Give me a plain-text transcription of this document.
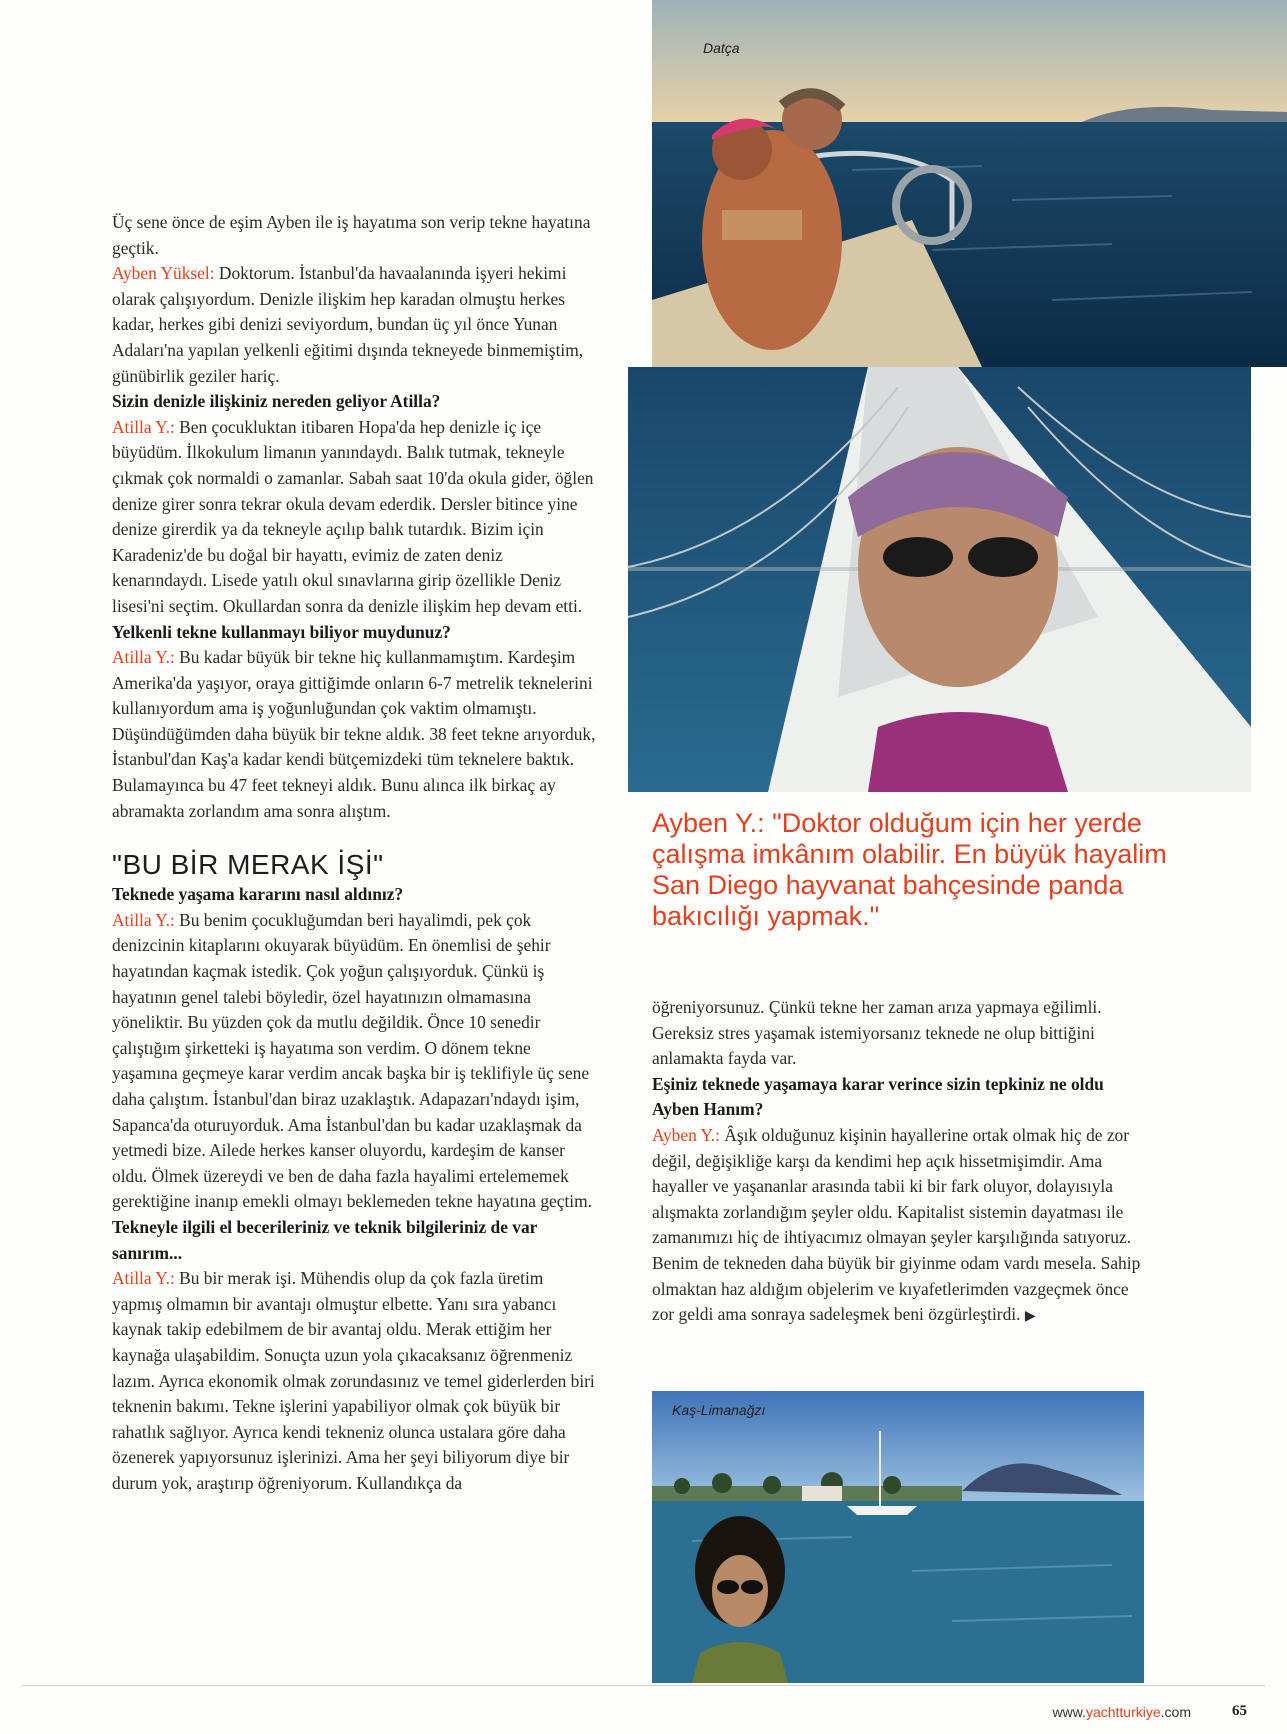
Datça
Ayben Y.: "Doktor olduğum için her yerde çalışma imkânım olabilir. En büyük hayalim San Diego hayvanat bahçesinde panda bakıcılığı yapmak."

Üç sene önce de eşim Ayben ile iş hayatıma son verip tekne hayatına geçtik.

Ayben Yüksel: Doktorum. İstanbul'da havaalanında işyeri hekimi olarak çalışıyordum. Denizle ilişkim hep karadan olmuştu herkes kadar, herkes gibi denizi seviyordum, bundan üç yıl önce Yunan Adaları'na yapılan yelkenli eğitimi dışında tekneyede binmemiştim, günübirlik geziler hariç.

Sizin denizle ilişkiniz nereden geliyor Atilla?

Atilla Y.: Ben çocukluktan itibaren Hopa'da hep denizle iç içe büyüdüm. İlkokulum limanın yanındaydı. Balık tutmak, tekneyle çıkmak çok normaldi o zamanlar. Sabah saat 10'da okula gider, öğlen denize girer sonra tekrar okula devam ederdik. Dersler bitince yine denize girerdik ya da tekneyle açılıp balık tutardık. Bizim için Karadeniz'de bu doğal bir hayattı, evimiz de zaten deniz kenarındaydı. Lisede yatılı okul sınavlarına girip özellikle Deniz lisesi'ni seçtim. Okullardan sonra da denizle ilişkim hep devam etti.

Yelkenli tekne kullanmayı biliyor muydunuz?

Atilla Y.: Bu kadar büyük bir tekne hiç kullanmamıştım. Kardeşim Amerika'da yaşıyor, oraya gittiğimde onların 6-7 metrelik teknelerini kullanıyordum ama iş yoğunluğundan çok vaktim olmamıştı. Düşündüğümden daha büyük bir tekne aldık. 38 feet tekne arıyorduk, İstanbul'dan Kaş'a kadar kendi bütçemizdeki tüm teknelere baktık. Bulamayınca bu 47 feet tekneyi aldık. Bunu alınca ilk birkaç ay abramakta zorlandım ama sonra alıştım.

"BU BİR MERAK İŞİ"

Teknede yaşama kararını nasıl aldınız?

Atilla Y.: Bu benim çocukluğumdan beri hayalimdi, pek çok denizcinin kitaplarını okuyarak büyüdüm. En önemlisi de şehir hayatından kaçmak istedik. Çok yoğun çalışıyorduk. Çünkü iş hayatının genel talebi böyledir, özel hayatınızın olmamasına yöneliktir. Bu yüzden çok da mutlu değildik. Önce 10 senedir çalıştığım şirketteki iş hayatıma son verdim. O dönem tekne yaşamına geçmeye karar verdim ancak başka bir iş teklifiyle üç sene daha çalıştım. İstanbul'dan biraz uzaklaştık. Adapazarı'ndaydı işim, Sapanca'da oturuyorduk. Ama İstanbul'dan bu kadar uzaklaşmak da yetmedi bize. Ailede herkes kanser oluyordu, kardeşim de kanser oldu. Ölmek üzereydi ve ben de daha fazla hayalimi ertelememek gerektiğine inanıp emekli olmayı beklemeden tekne hayatına geçtim.

Tekneyle ilgili el becerileriniz ve teknik bilgileriniz de var sanırım...

Atilla Y.: Bu bir merak işi. Mühendis olup da çok fazla üretim yapmış olmamın bir avantajı olmuştur elbette. Yanı sıra yabancı kaynak takip edebilmem de bir avantaj oldu. Merak ettiğim her kaynağa ulaşabildim. Sonuçta uzun yola çıkacaksanız öğrenmeniz lazım. Ayrıca ekonomik olmak zorundasınız ve temel giderlerden biri teknenin bakımı. Tekne işlerini yapabiliyor olmak çok büyük bir rahatlık sağlıyor. Ayrıca kendi tekneniz olunca ustalara göre daha özenerek yapıyorsunuz işlerinizi. Ama her şeyi biliyorum diye bir durum yok, araştırıp öğreniyorum. Kullandıkça da

öğreniyorsunuz. Çünkü tekne her zaman arıza yapmaya eğilimli. Gereksiz stres yaşamak istemiyorsanız teknede ne olup bittiğini anlamakta fayda var.

Eşiniz teknede yaşamaya karar verince sizin tepkiniz ne oldu Ayben Hanım?

Ayben Y.: Âşık olduğunuz kişinin hayallerine ortak olmak hiç de zor değil, değişikliğe karşı da kendimi hep açık hissetmişimdir. Ama hayaller ve yaşananlar arasında tabii ki bir fark oluyor, dolayısıyla alışmakta zorlandığım şeyler oldu. Kapitalist sistemin dayatması ile zamanımızı hiç de ihtiyacımız olmayan şeyler karşılığında satıyoruz. Benim de tekneden daha büyük bir giyinme odam vardı mesela. Sahip olmaktan haz aldığım objelerim ve kıyafetlerimden vazgeçmek önce zor geldi ama sonraya sadeleşmek beni özgürleştirdi. ▶

Kaş-Limanağzı
www.yachtturkiye.com	65
